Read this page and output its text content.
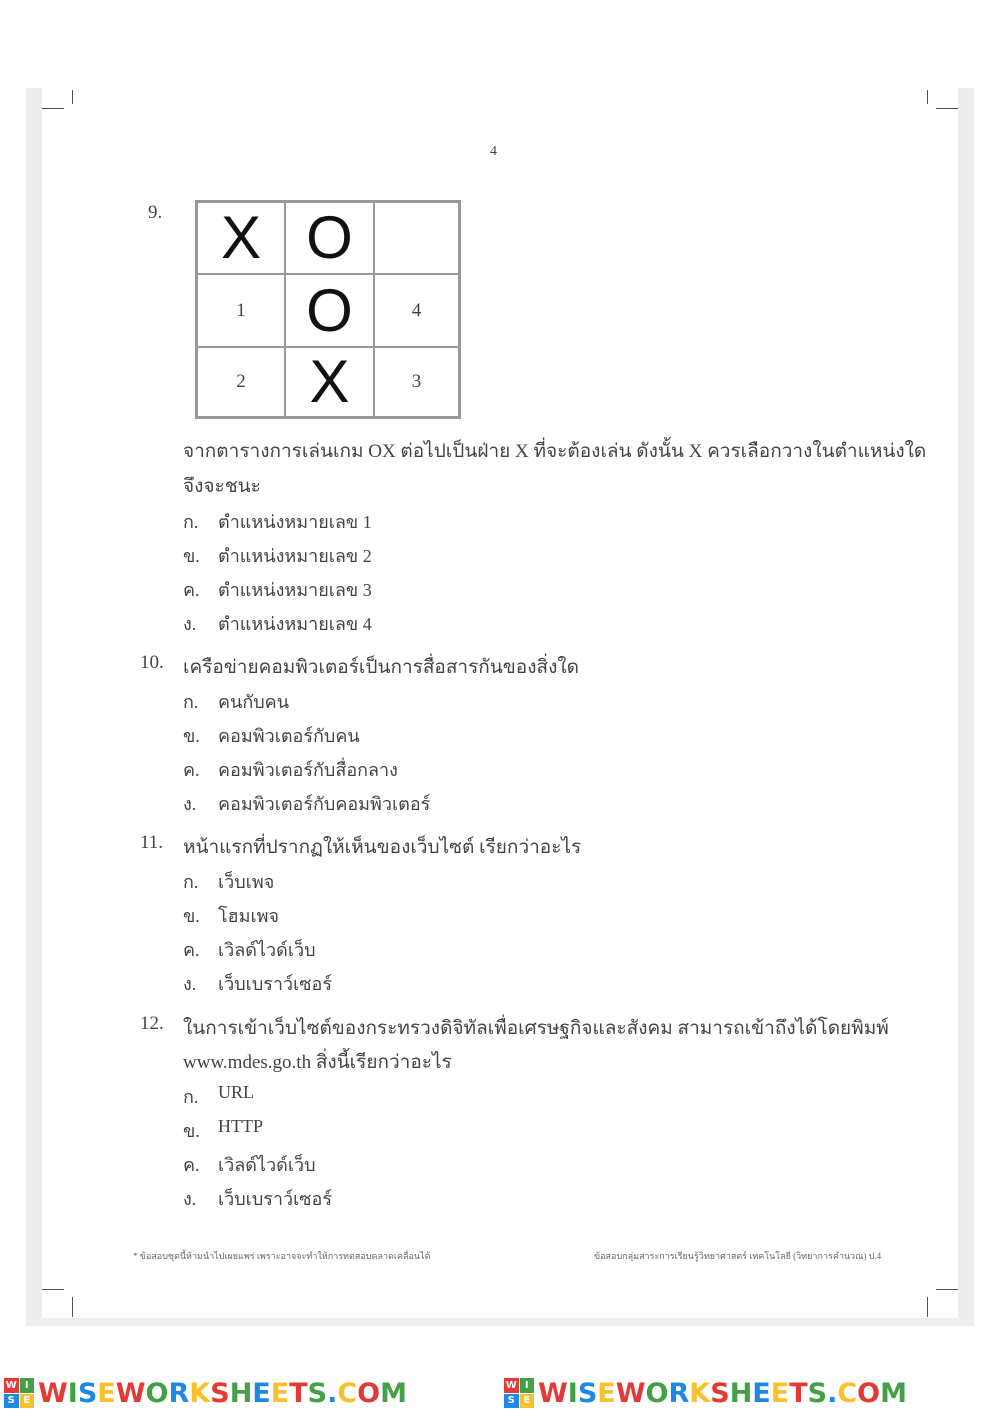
4
9. X O
1 O	4
2 X	3
จากตารางการเล่นเกม OX ต่อไปเป็นฝ่าย X ที่จะต้องเล่น ดังนั้น X ควรเลือกวางในตำแหน่งใด
จึงจะชนะ
ก. ตำแหน่งหมายเลข 1
ข. ตำแหน่งหมายเลข 2
ค. ตำแหน่งหมายเลข 3
ง. ตำแหน่งหมายเลข 4
10. เครือข่ายคอมพิวเตอร์เป็นการสื่อสารกันของสิ่งใด
ก. คนกับคน
ข. คอมพิวเตอร์กับคน
ค. คอมพิวเตอร์กับสื่อกลาง
ง. คอมพิวเตอร์กับคอมพิวเตอร์
11. หน้าแรกที่ปรากฏให้เห็นของเว็บไซต์ เรียกว่าอะไร
ก. เว็บเพจ
ข. โฮมเพจ
ค. เวิลด์ไวด์เว็บ
ง. เว็บเบราว์เซอร์
12. ในการเข้าเว็บไซต์ของกระทรวงดิจิทัลเพื่อเศรษฐกิจและสังคม สามารถเข้าถึงได้โดยพิมพ์
www.mdes.go.th สิ่งนี้เรียกว่าอะไร
ก. URL
ข. HTTP
ค. เวิลด์ไวด์เว็บ
ง. เว็บเบราว์เซอร์
* ข้อสอบชุดนี้ห้ามนำไปเผยแพร่ เพราะอาจจะทำให้การทดสอบคลาดเคลื่อนได้	ข้อสอบกลุ่มสาระการเรียนรู้วิทยาศาสตร์ เทคโนโลยี (วิทยาการคำนวณ) ป.4
W I
S E WISEWORKSHEETS.COM	W I
S E WISEWORKSHEETS.COM
